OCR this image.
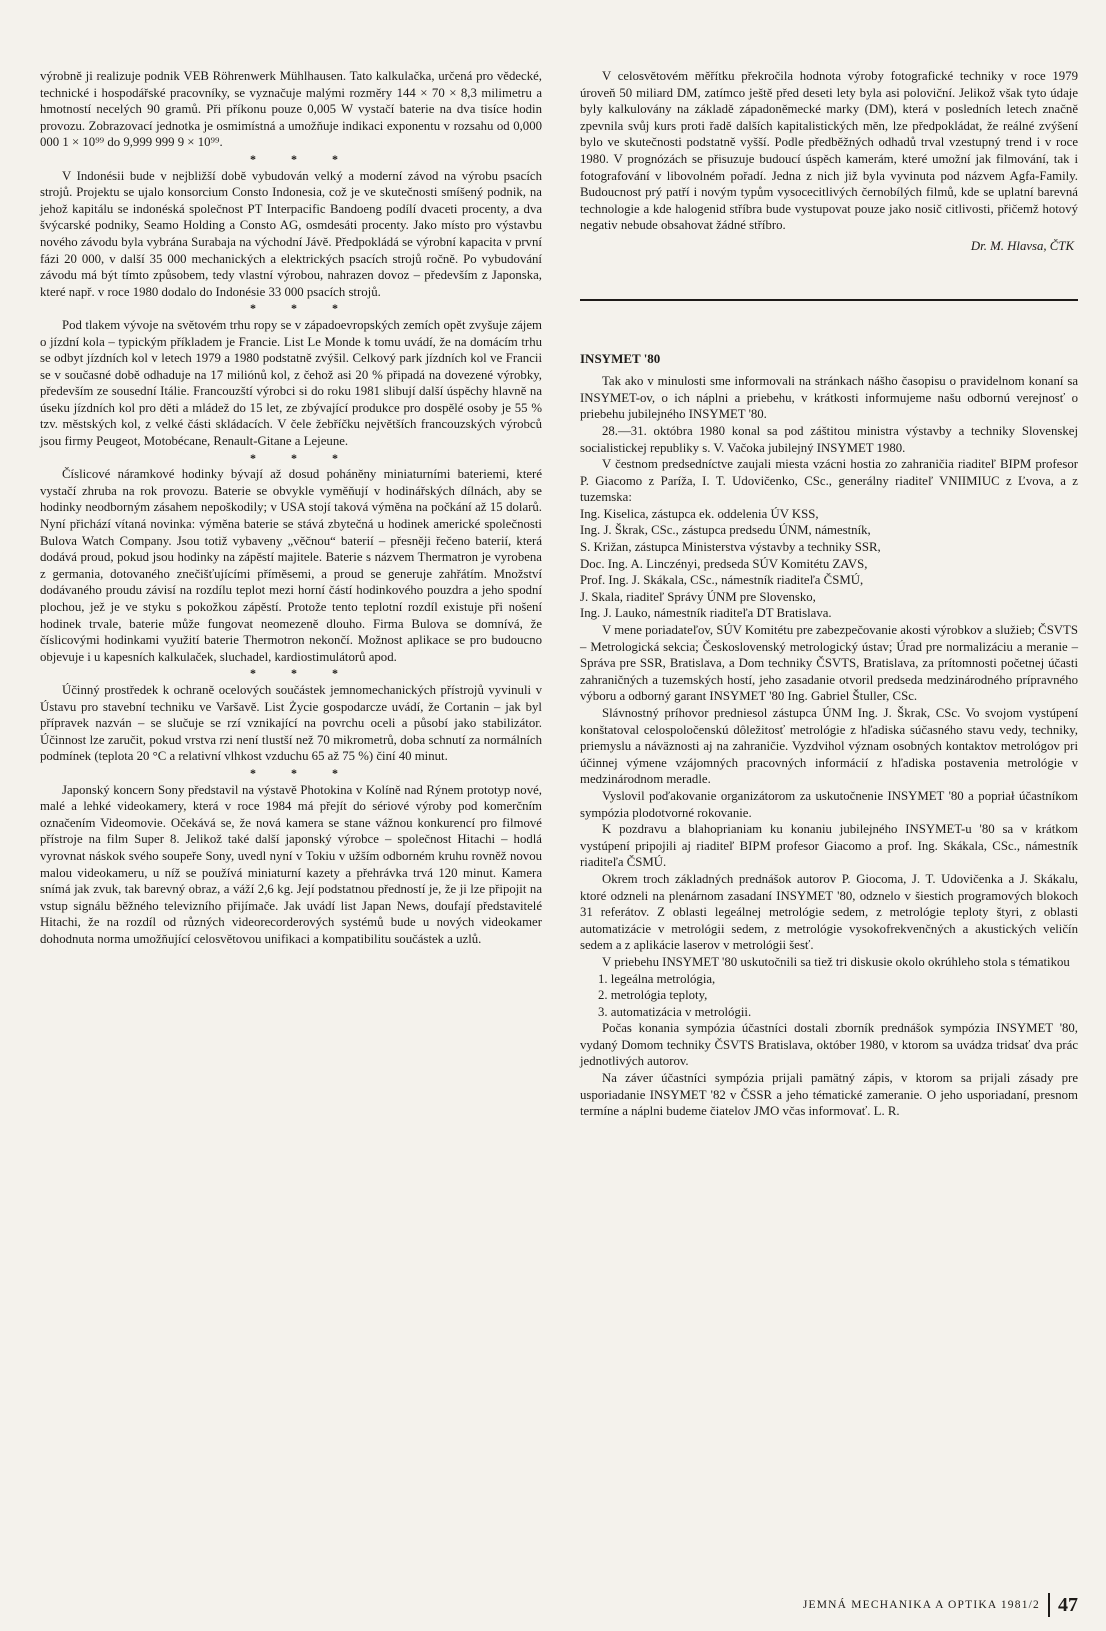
výrobně ji realizuje podnik VEB Röhrenwerk Mühlhausen. Tato kalkulačka, určená pro vědecké, technické i hospodářské pracovníky, se vyznačuje malými rozměry 144 × 70 × 8,3 milimetru a hmotností necelých 90 gramů. Při příkonu pouze 0,005 W vystačí baterie na dva tisíce hodin provozu. Zobrazovací jednotka je osmimístná a umožňuje indikaci exponentu v rozsahu od 0,000 000 1 × 10⁹⁹ do 9,999 999 9 × 10⁹⁹.

* * *

V Indonésii bude v nejbližší době vybudován velký a moderní závod na výrobu psacích strojů. Projektu se ujalo konsorcium Consto Indonesia, což je ve skutečnosti smíšený podnik, na jehož kapitálu se indonéská společnost PT Interpacific Bandoeng podílí dvaceti procenty, a dva švýcarské podniky, Seamo Holding a Consto AG, osmdesáti procenty. Jako místo pro výstavbu nového závodu byla vybrána Surabaja na východní Jávě. Předpokládá se výrobní kapacita v první fázi 20 000, v další 35 000 mechanických a elektrických psacích strojů ročně. Po vybudování závodu má být tímto způsobem, tedy vlastní výrobou, nahrazen dovoz – především z Japonska, které např. v roce 1980 dodalo do Indonésie 33 000 psacích strojů.

* * *

Pod tlakem vývoje na světovém trhu ropy se v západoevropských zemích opět zvyšuje zájem o jízdní kola – typickým příkladem je Francie. List Le Monde k tomu uvádí, že na domácím trhu se odbyt jízdních kol v letech 1979 a 1980 podstatně zvýšil. Celkový park jízdních kol ve Francii se v současné době odhaduje na 17 miliónů kol, z čehož asi 20 % připadá na dovezené výrobky, především ze sousední Itálie. Francouzští výrobci si do roku 1981 slibují další úspěchy hlavně na úseku jízdních kol pro děti a mládež do 15 let, ze zbývající produkce pro dospělé osoby je 55 % tzv. městských kol, z velké části skládacích. V čele žebříčku největších francouzských výrobců jsou firmy Peugeot, Motobécane, Renault-Gitane a Lejeune.

* * *

Číslicové náramkové hodinky bývají až dosud poháněny miniaturními bateriemi, které vystačí zhruba na rok provozu. Baterie se obvykle vyměňují v hodinářských dílnách, aby se hodinky neodborným zásahem nepoškodily; v USA stojí taková výměna na počkání až 15 dolarů. Nyní přichází vítaná novinka: výměna baterie se stává zbytečná u hodinek americké společnosti Bulova Watch Company. Jsou totiž vybaveny „věčnou“ baterií – přesněji řečeno baterií, která dodává proud, pokud jsou hodinky na zápěstí majitele. Baterie s názvem Thermatron je vyrobena z germania, dotovaného znečišťujícími příměsemi, a proud se generuje zahřátím. Množství dodávaného proudu závisí na rozdílu teplot mezi horní částí hodinkového pouzdra a jeho spodní plochou, jež je ve styku s pokožkou zápěstí. Protože tento teplotní rozdíl existuje při nošení hodinek trvale, baterie může fungovat neomezeně dlouho. Firma Bulova se domnívá, že číslicovými hodinkami využití baterie Thermotron nekončí. Možnost aplikace se pro budoucno objevuje i u kapesních kalkulaček, sluchadel, kardiostimulátorů apod.

* * *

Účinný prostředek k ochraně ocelových součástek jemnomechanických přístrojů vyvinuli v Ústavu pro stavební techniku ve Varšavě. List Życie gospodarcze uvádí, že Cortanin – jak byl přípravek nazván – se slučuje se rzí vznikající na povrchu oceli a působí jako stabilizátor. Účinnost lze zaručit, pokud vrstva rzi není tlustší než 70 mikrometrů, doba schnutí za normálních podmínek (teplota 20 °C a relativní vlhkost vzduchu 65 až 75 %) činí 40 minut.

* * *

Japonský koncern Sony představil na výstavě Photokina v Kolíně nad Rýnem prototyp nové, malé a lehké videokamery, která v roce 1984 má přejít do sériové výroby pod komerčním označením Videomovie. Očekává se, že nová kamera se stane vážnou konkurencí pro filmové přístroje na film Super 8. Jelikož také další japonský výrobce – společnost Hitachi – hodlá vyrovnat náskok svého soupeře Sony, uvedl nyní v Tokiu v užším odborném kruhu rovněž novou malou videokameru, u níž se používá miniaturní kazety a přehrávka trvá 120 minut. Kamera snímá jak zvuk, tak barevný obraz, a váží 2,6 kg. Její podstatnou předností je, že ji lze připojit na vstup signálu běžného televizního přijímače. Jak uvádí list Japan News, doufají představitelé Hitachi, že na rozdíl od různých videorecorderových systémů bude u nových videokamer dohodnuta norma umožňující celosvětovou unifikaci a kompatibilitu součástek a uzlů.

V celosvětovém měřítku překročila hodnota výroby fotografické techniky v roce 1979 úroveň 50 miliard DM, zatímco ještě před deseti lety byla asi poloviční. Jelikož však tyto údaje byly kalkulovány na základě západoněmecké marky (DM), která v posledních letech značně zpevnila svůj kurs proti řadě dalších kapitalistických měn, lze předpokládat, že reálné zvýšení bylo ve skutečnosti podstatně vyšší. Podle předběžných odhadů trval vzestupný trend i v roce 1980. V prognózách se přisuzuje budoucí úspěch kamerám, které umožní jak filmování, tak i fotografování v libovolném pořadí. Jedna z nich již byla vyvinuta pod názvem Agfa-Family. Budoucnost prý patří i novým typům vysocecitlivých černobílých filmů, kde se uplatní barevná technologie a kde halogenid stříbra bude vystupovat pouze jako nosič citlivosti, přičemž hotový negativ nebude obsahovat žádné stříbro.

Dr. M. Hlavsa, ČTK
INSYMET '80

Tak ako v minulosti sme informovali na stránkach nášho časopisu o pravidelnom konaní sa INSYMET-ov, o ich náplni a priebehu, v krátkosti informujeme našu odbornú verejnosť o priebehu jubilejného INSYMET '80.

28.—31. októbra 1980 konal sa pod záštitou ministra výstavby a techniky Slovenskej socialistickej republiky s. V. Vačoka jubilejný INSYMET 1980.

V čestnom predsedníctve zaujali miesta vzácni hostia zo zahraničia riaditeľ BIPM profesor P. Giacomo z Paríža, I. T. Udovičenko, CSc., generálny riaditeľ VNIIMIUC z Ľvova, a z tuzemska:

Ing. Kiselica, zástupca ek. oddelenia ÚV KSS,
Ing. J. Škrak, CSc., zástupca predsedu ÚNM, námestník,
S. Križan, zástupca Ministerstva výstavby a techniky SSR,
Doc. Ing. A. Linczényi, predseda SÚV Komitétu ZAVS,
Prof. Ing. J. Skákala, CSc., námestník riaditeľa ČSMÚ,
J. Skala, riaditeľ Správy ÚNM pre Slovensko,
Ing. J. Lauko, námestník riaditeľa DT Bratislava.

V mene poriadateľov, SÚV Komitétu pre zabezpečovanie akosti výrobkov a služieb; ČSVTS – Metrologická sekcia; Československý metrologický ústav; Úrad pre normalizáciu a meranie – Správa pre SSR, Bratislava, a Dom techniky ČSVTS, Bratislava, za prítomnosti početnej účasti zahraničných a tuzemských hostí, jeho zasadanie otvoril predseda medzinárodného prípravného výboru a odborný garant INSYMET '80 Ing. Gabriel Štuller, CSc.

Slávnostný príhovor predniesol zástupca ÚNM Ing. J. Škrak, CSc. Vo svojom vystúpení konštatoval celospoločenskú dôležitosť metrológie z hľadiska súčasného stavu vedy, techniky, priemyslu a náväznosti aj na zahraničie. Vyzdvihol význam osobných kontaktov metrológov pri účinnej výmene vzájomných pracovných informácií z hľadiska postavenia metrológie v medzinárodnom meradle.

Vyslovil poďakovanie organizátorom za uskutočnenie INSYMET '80 a popriał účastníkom sympózia plodotvorné rokovanie.

K pozdravu a blahoprianiam ku konaniu jubilejného INSYMET-u '80 sa v krátkom vystúpení pripojili aj riaditeľ BIPM profesor Giacomo a prof. Ing. Skákala, CSc., námestník riaditeľa ČSMÚ.

Okrem troch základných prednášok autorov P. Giocoma, J. T. Udovičenka a J. Skákalu, ktoré odzneli na plenárnom zasadaní INSYMET '80, odznelo v šiestich programových blokoch 31 referátov. Z oblasti legeálnej metrológie sedem, z metrológie teploty štyri, z oblasti automatizácie v metrológii sedem, z metrológie vysokofrekvenčných a akustických veličín sedem a z aplikácie laserov v metrológii šesť.

V priebehu INSYMET '80 uskutočnili sa tiež tri diskusie okolo okrúhleho stola s tématikou

1. legeálna metrológia,
2. metrológia teploty,
3. automatizácia v metrológii.

Počas konania sympózia účastníci dostali zborník prednášok sympózia INSYMET '80, vydaný Domom techniky ČSVTS Bratislava, október 1980, v ktorom sa uvádza tridsať dva prác jednotlivých autorov.

Na záver účastníci sympózia prijali pamätný zápis, v ktorom sa prijali zásady pre usporiadanie INSYMET '82 v ČSSR a jeho tématické zameranie. O jeho usporiadaní, presnom termíne a náplni budeme čiatelov JMO včas informovať. L. R.

JEMNÁ MECHANIKA A OPTIKA 1981/2 47
